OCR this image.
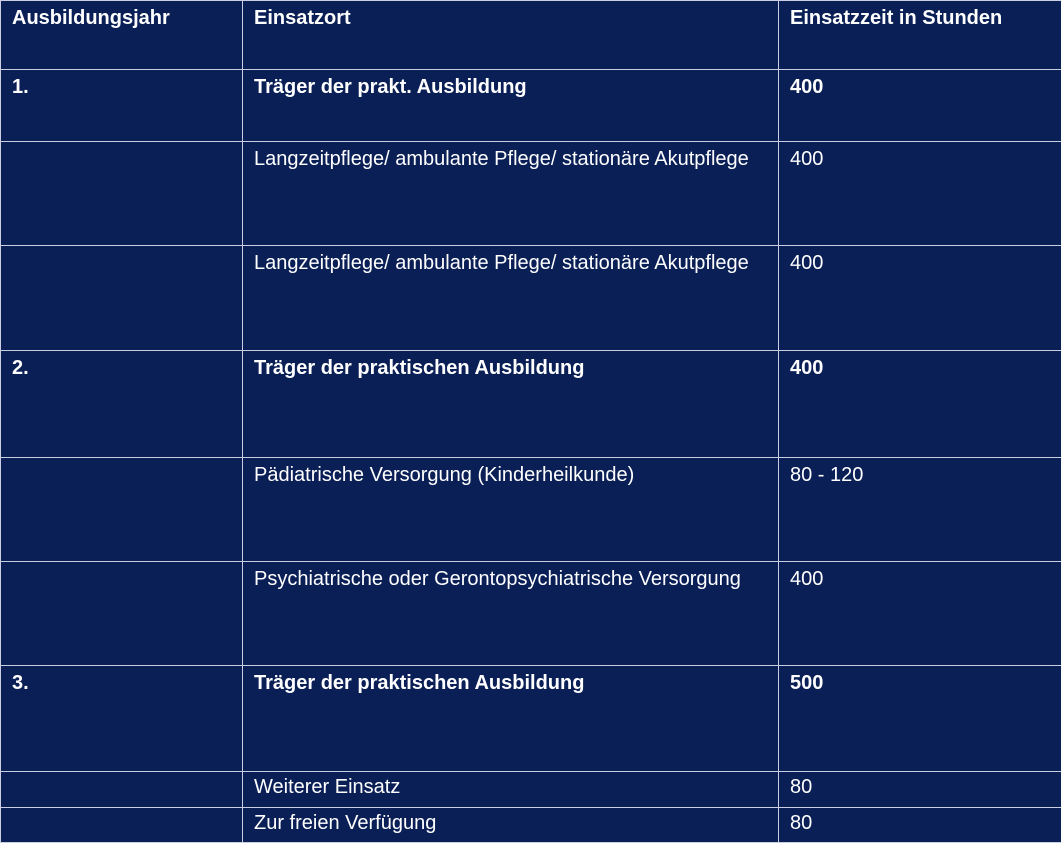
Ausbildungsjahr	Einsatzort	Einsatzzeit in Stunden
1.	Träger der prakt. Ausbildung	400
	Langzeitpflege/ ambulante Pflege/ stationäre Akutpflege	400
	Langzeitpflege/ ambulante Pflege/ stationäre Akutpflege	400
2.	Träger der praktischen Ausbildung	400
	Pädiatrische Versorgung (Kinderheilkunde)	80 - 120
	Psychiatrische oder Gerontopsychiatrische Versorgung	400
3.	Träger der praktischen Ausbildung	500
	Weiterer Einsatz	80
	Zur freien Verfügung	80
